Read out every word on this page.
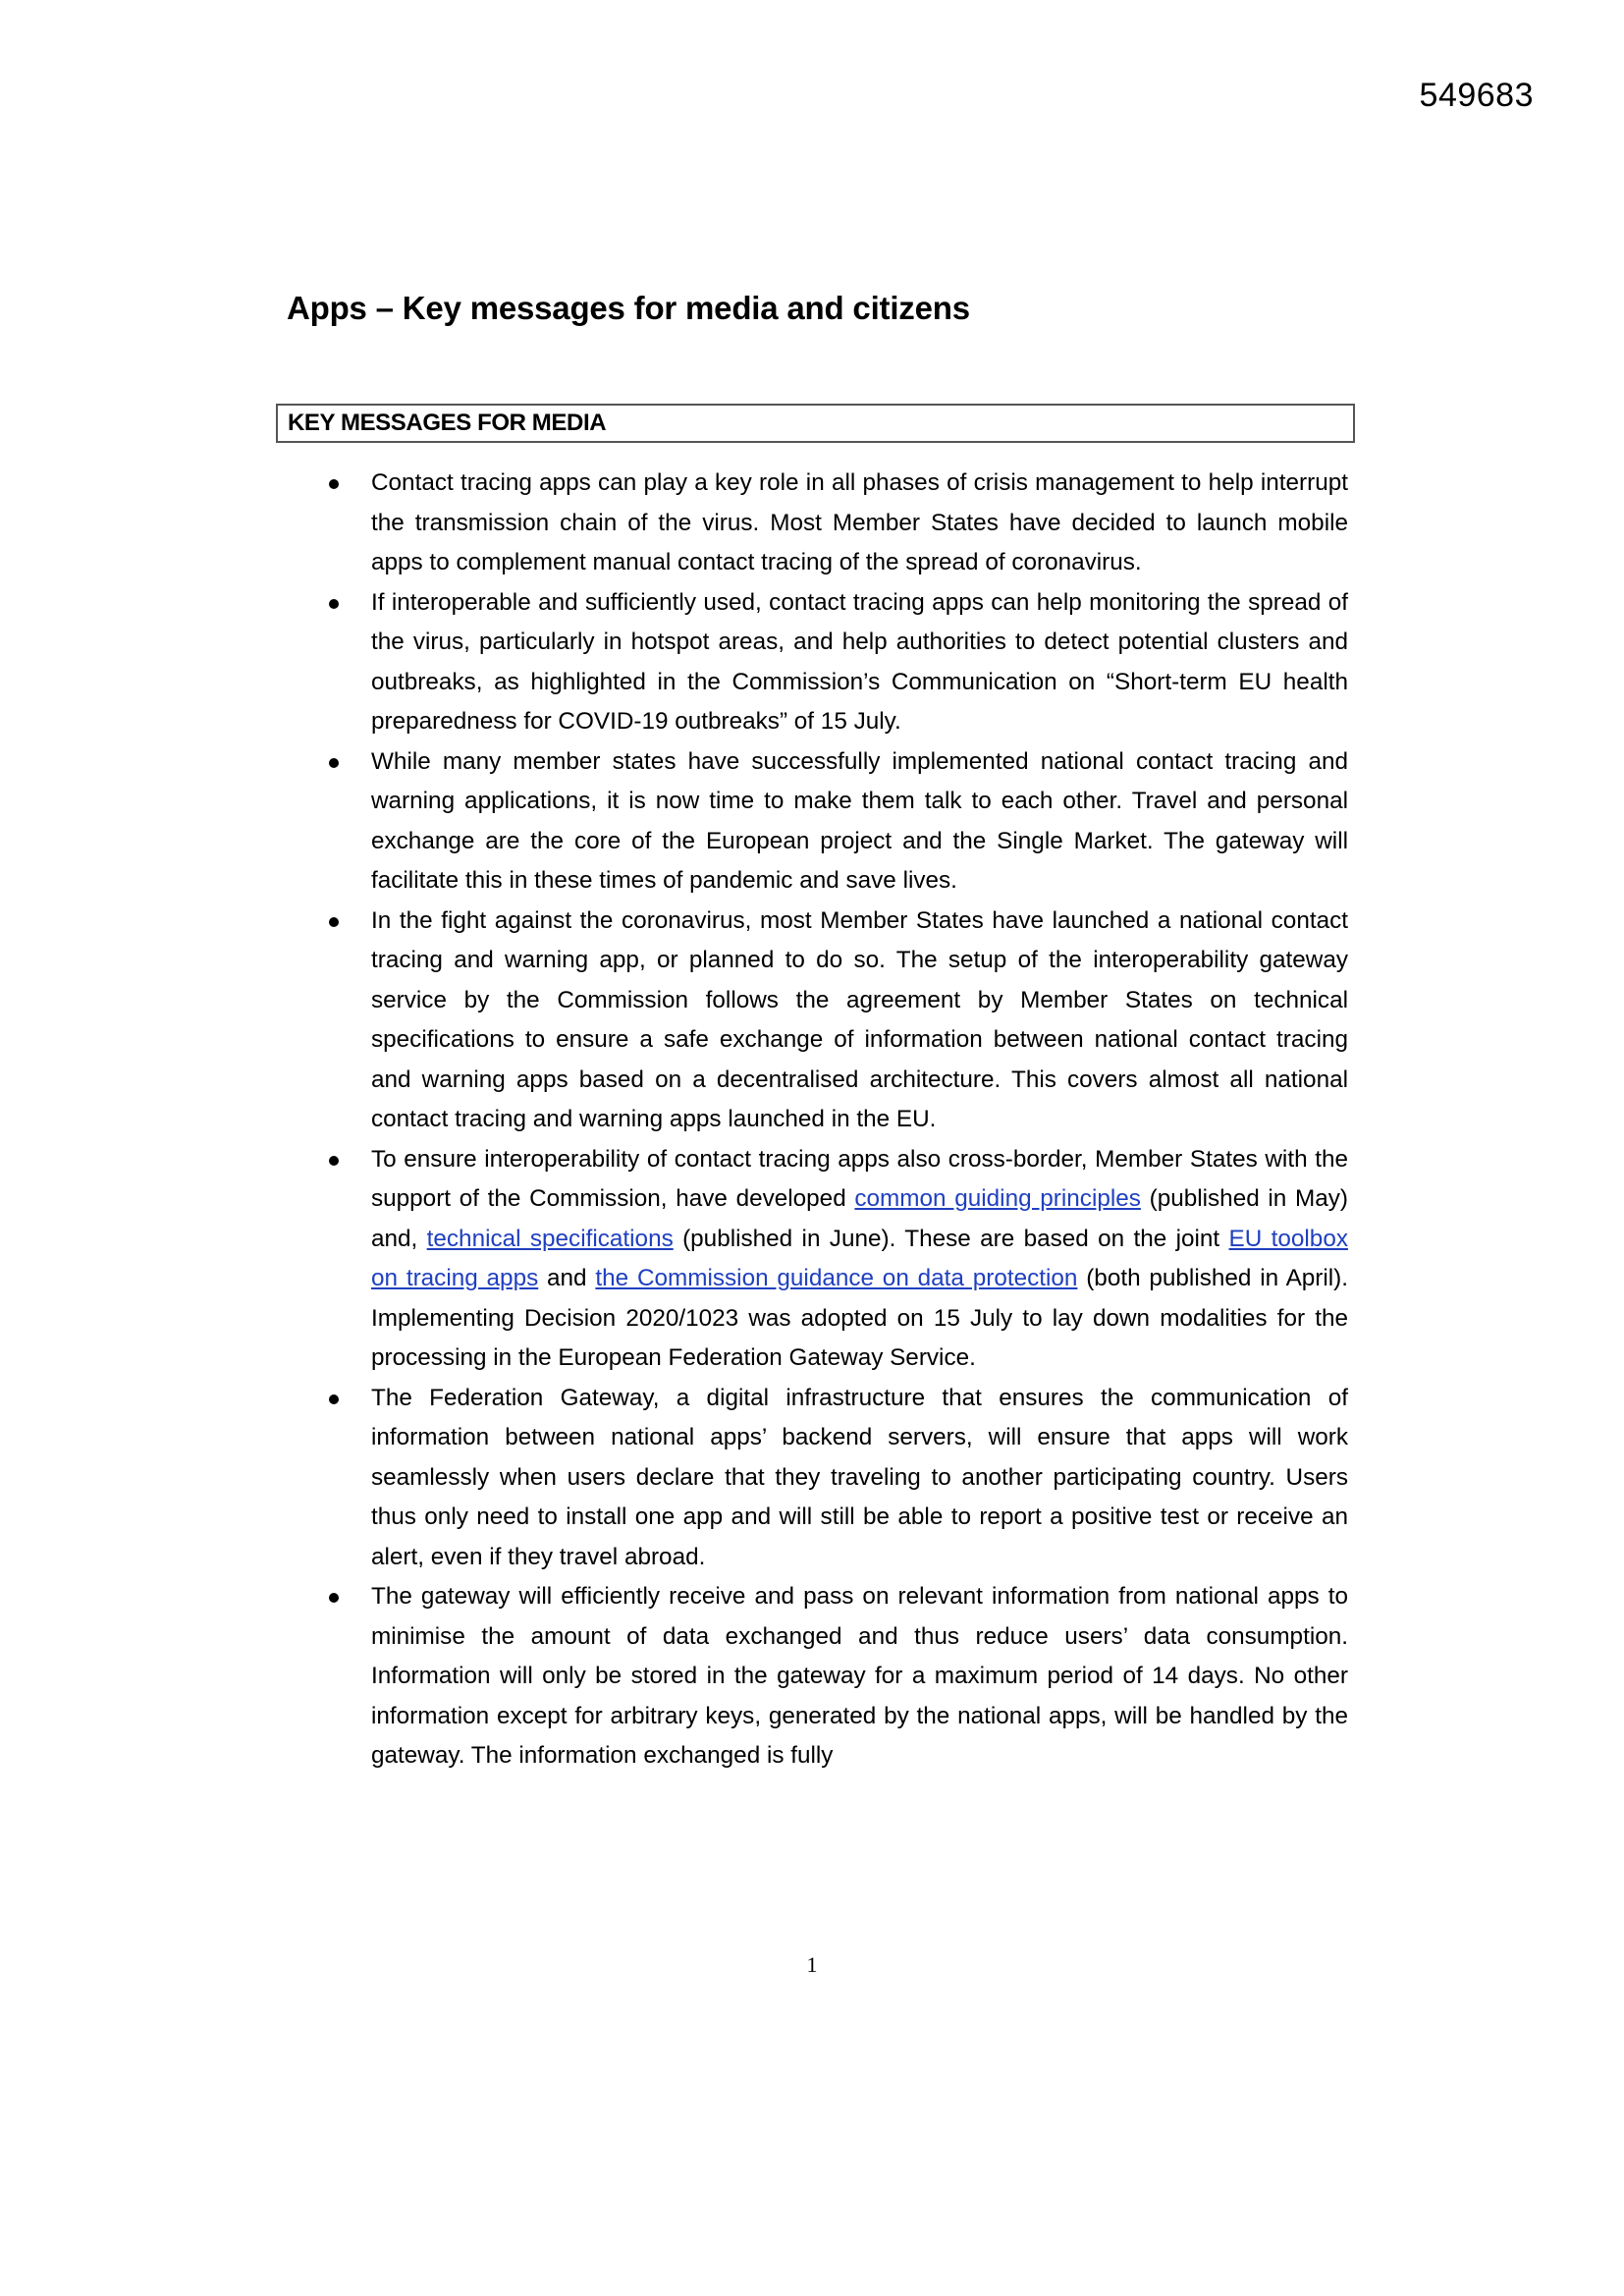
549683
Apps – Key messages for media and citizens
KEY MESSAGES FOR MEDIA
Contact tracing apps can play a key role in all phases of crisis management to help interrupt the transmission chain of the virus. Most Member States have decided to launch mobile apps to complement manual contact tracing of the spread of coronavirus.
If interoperable and sufficiently used, contact tracing apps can help monitoring the spread of the virus, particularly in hotspot areas, and help authorities to detect potential clusters and outbreaks, as highlighted in the Commission’s Communication on “Short-term EU health preparedness for COVID-19 outbreaks” of 15 July.
While many member states have successfully implemented national contact tracing and warning applications, it is now time to make them talk to each other. Travel and personal exchange are the core of the European project and the Single Market. The gateway will facilitate this in these times of pandemic and save lives.
In the fight against the coronavirus, most Member States have launched a national contact tracing and warning app, or planned to do so. The setup of the interoperability gateway service by the Commission follows the agreement by Member States on technical specifications to ensure a safe exchange of information between national contact tracing and warning apps based on a decentralised architecture. This covers almost all national contact tracing and warning apps launched in the EU.
To ensure interoperability of contact tracing apps also cross-border, Member States with the support of the Commission, have developed common guiding principles (published in May) and, technical specifications (published in June). These are based on the joint EU toolbox on tracing apps and the Commission guidance on data protection (both published in April). Implementing Decision 2020/1023 was adopted on 15 July to lay down modalities for the processing in the European Federation Gateway Service.
The Federation Gateway, a digital infrastructure that ensures the communication of information between national apps’ backend servers, will ensure that apps will work seamlessly when users declare that they traveling to another participating country. Users thus only need to install one app and will still be able to report a positive test or receive an alert, even if they travel abroad.
The gateway will efficiently receive and pass on relevant information from national apps to minimise the amount of data exchanged and thus reduce users’ data consumption. Information will only be stored in the gateway for a maximum period of 14 days. No other information except for arbitrary keys, generated by the national apps, will be handled by the gateway. The information exchanged is fully
1
